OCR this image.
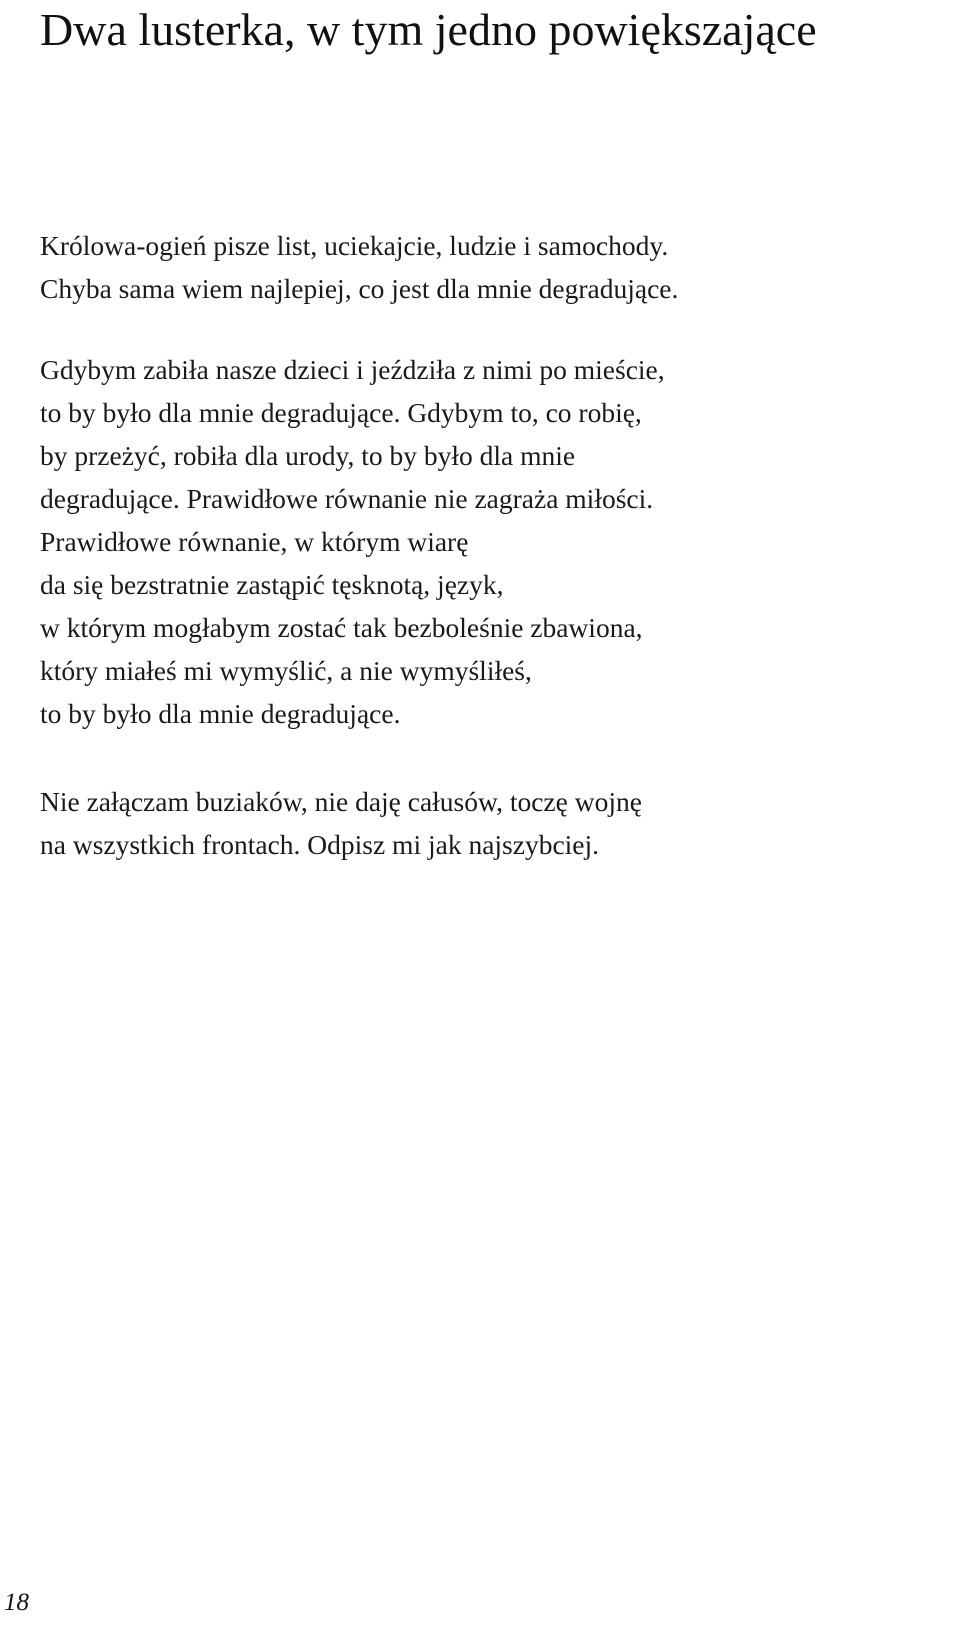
Dwa lusterka, w tym jedno powiększające
Królowa-ogień pisze list, uciekajcie, ludzie i samochody.
Chyba sama wiem najlepiej, co jest dla mnie degradujące.
Gdybym zabiła nasze dzieci i jeździła z nimi po mieście,
to by było dla mnie degradujące. Gdybym to, co robię,
by przeżyć, robiła dla urody, to by było dla mnie
degradujące. Prawidłowe równanie nie zagraża miłości.
Prawidłowe równanie, w którym wiarę
da się bezstratnie zastąpić tęsknotą, język,
w którym mogłabym zostać tak bezboleśnie zbawiona,
który miałeś mi wymyślić, a nie wymyśliłeś,
to by było dla mnie degradujące.
Nie załączam buziaków, nie daję całusów, toczę wojnę
na wszystkich frontach. Odpisz mi jak najszybciej.
18
